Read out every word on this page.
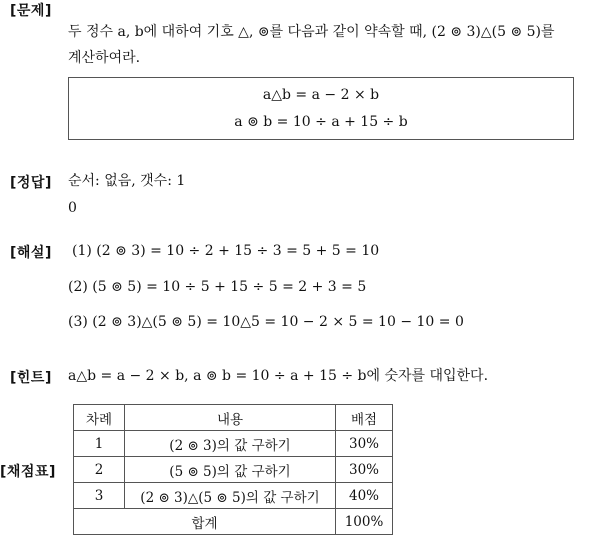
[문제]
두 정수 a, b에 대하여 기호 △, ⊚를 다음과 같이 약속할 때, (2 ⊚ 3)△(5 ⊚ 5)를
계산하여라.
a△b = a − 2 × b
a ⊚ b = 10 ÷ a + 15 ÷ b
[정답] 순서: 없음, 갯수: 1
0
[해설] (1) (2 ⊚ 3) = 10 ÷ 2 + 15 ÷ 3 = 5 + 5 = 10
(2) (5 ⊚ 5) = 10 ÷ 5 + 15 ÷ 5 = 2 + 3 = 5
(3) (2 ⊚ 3)△(5 ⊚ 5) = 10△5 = 10 − 2 × 5 = 10 − 10 = 0
[힌트] a△b = a − 2 × b, a ⊚ b = 10 ÷ a + 15 ÷ b에 숫자를 대입한다.
[채점표]
차례	내용	배점
1	(2 ⊚ 3)의 값 구하기	30%
2	(5 ⊚ 5)의 값 구하기	30%
3	(2 ⊚ 3)△(5 ⊚ 5)의 값 구하기	40%
합계		100%
